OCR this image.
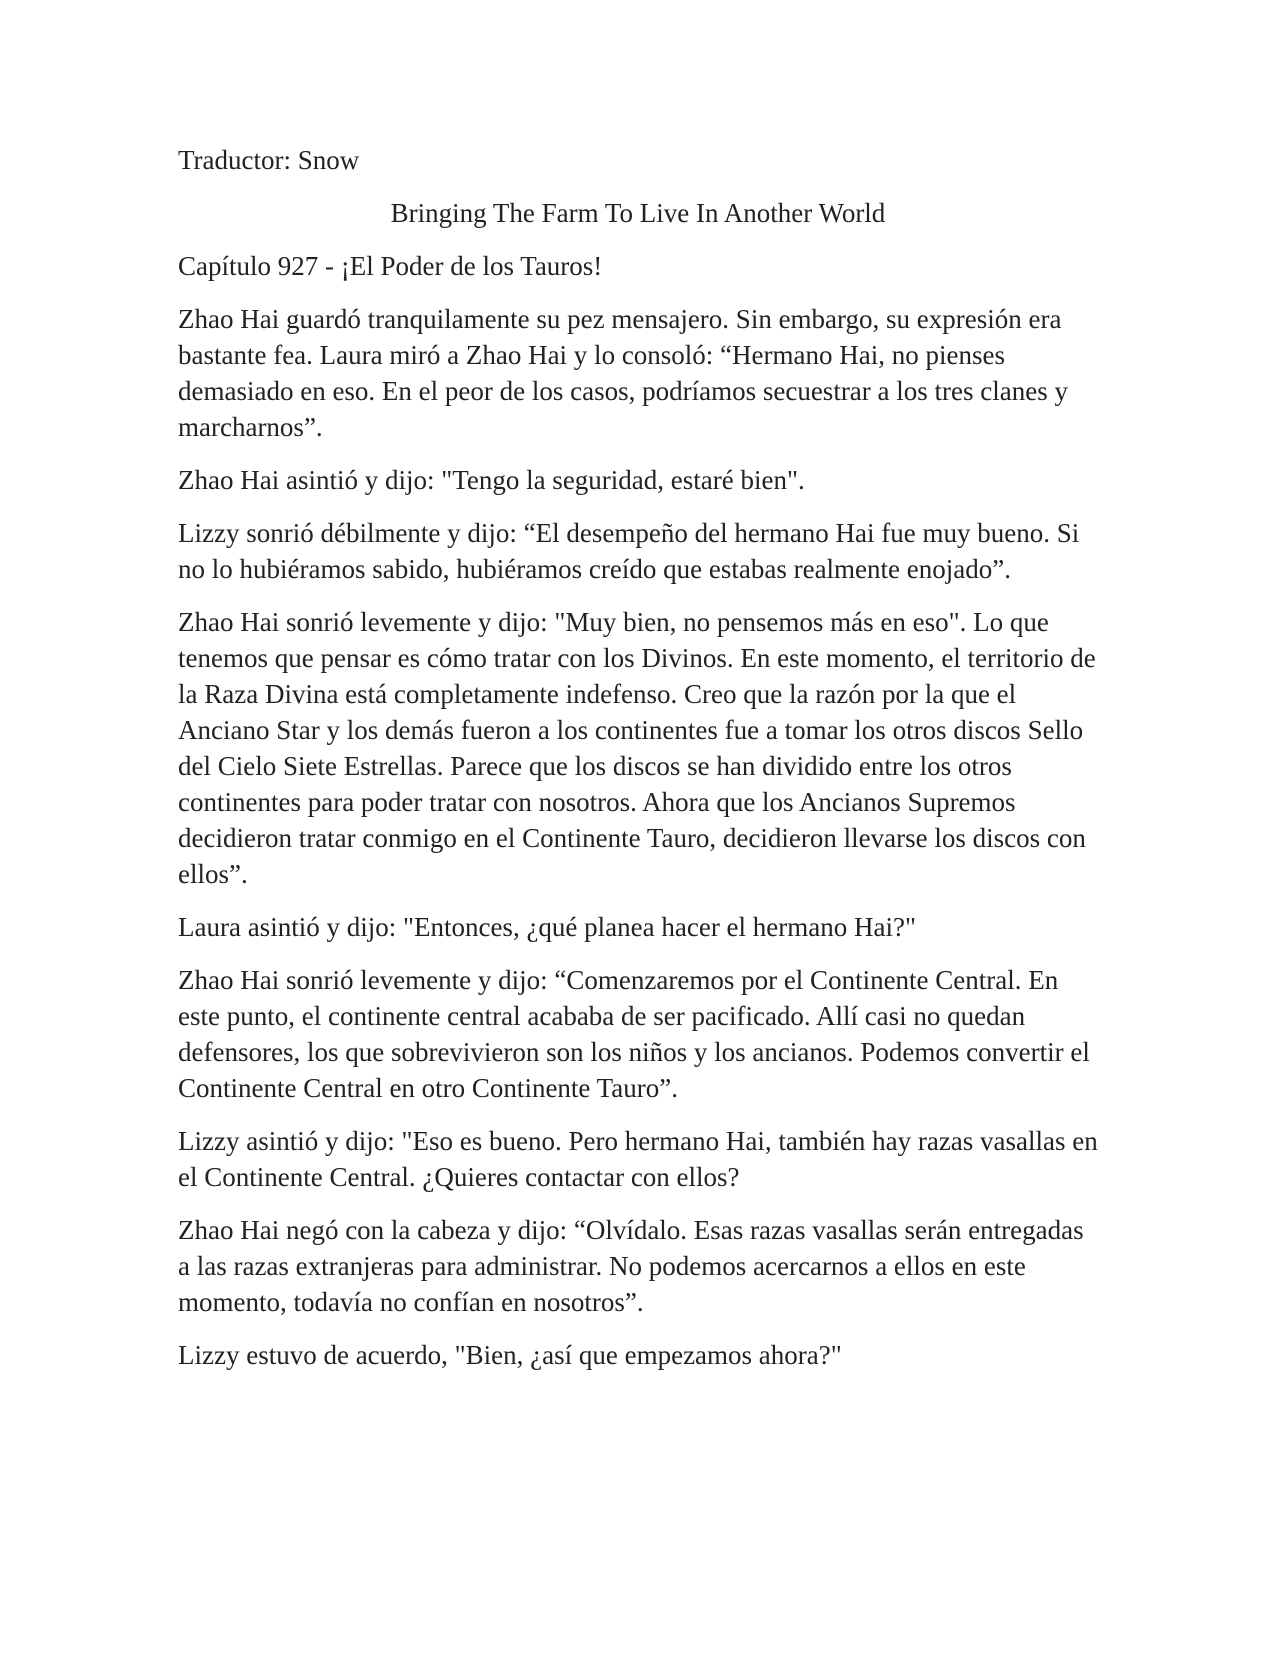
Traductor: Snow

Bringing The Farm To Live In Another World

Capítulo 927 - ¡El Poder de los Tauros!

Zhao Hai guardó tranquilamente su pez mensajero. Sin embargo, su expresión era bastante fea. Laura miró a Zhao Hai y lo consoló: “Hermano Hai, no pienses demasiado en eso. En el peor de los casos, podríamos secuestrar a los tres clanes y marcharnos”.

Zhao Hai asintió y dijo: "Tengo la seguridad, estaré bien".

Lizzy sonrió débilmente y dijo: “El desempeño del hermano Hai fue muy bueno. Si no lo hubiéramos sabido, hubiéramos creído que estabas realmente enojado”.

Zhao Hai sonrió levemente y dijo: "Muy bien, no pensemos más en eso". Lo que tenemos que pensar es cómo tratar con los Divinos. En este momento, el territorio de la Raza Divina está completamente indefenso. Creo que la razón por la que el Anciano Star y los demás fueron a los continentes fue a tomar los otros discos Sello del Cielo Siete Estrellas. Parece que los discos se han dividido entre los otros continentes para poder tratar con nosotros. Ahora que los Ancianos Supremos decidieron tratar conmigo en el Continente Tauro, decidieron llevarse los discos con ellos”.

Laura asintió y dijo: "Entonces, ¿qué planea hacer el hermano Hai?"

Zhao Hai sonrió levemente y dijo: “Comenzaremos por el Continente Central. En este punto, el continente central acababa de ser pacificado. Allí casi no quedan defensores, los que sobrevivieron son los niños y los ancianos. Podemos convertir el Continente Central en otro Continente Tauro”.

Lizzy asintió y dijo: "Eso es bueno. Pero hermano Hai, también hay razas vasallas en el Continente Central. ¿Quieres contactar con ellos?

Zhao Hai negó con la cabeza y dijo: “Olvídalo. Esas razas vasallas serán entregadas a las razas extranjeras para administrar. No podemos acercarnos a ellos en este momento, todavía no confían en nosotros”.

Lizzy estuvo de acuerdo, "Bien, ¿así que empezamos ahora?"
